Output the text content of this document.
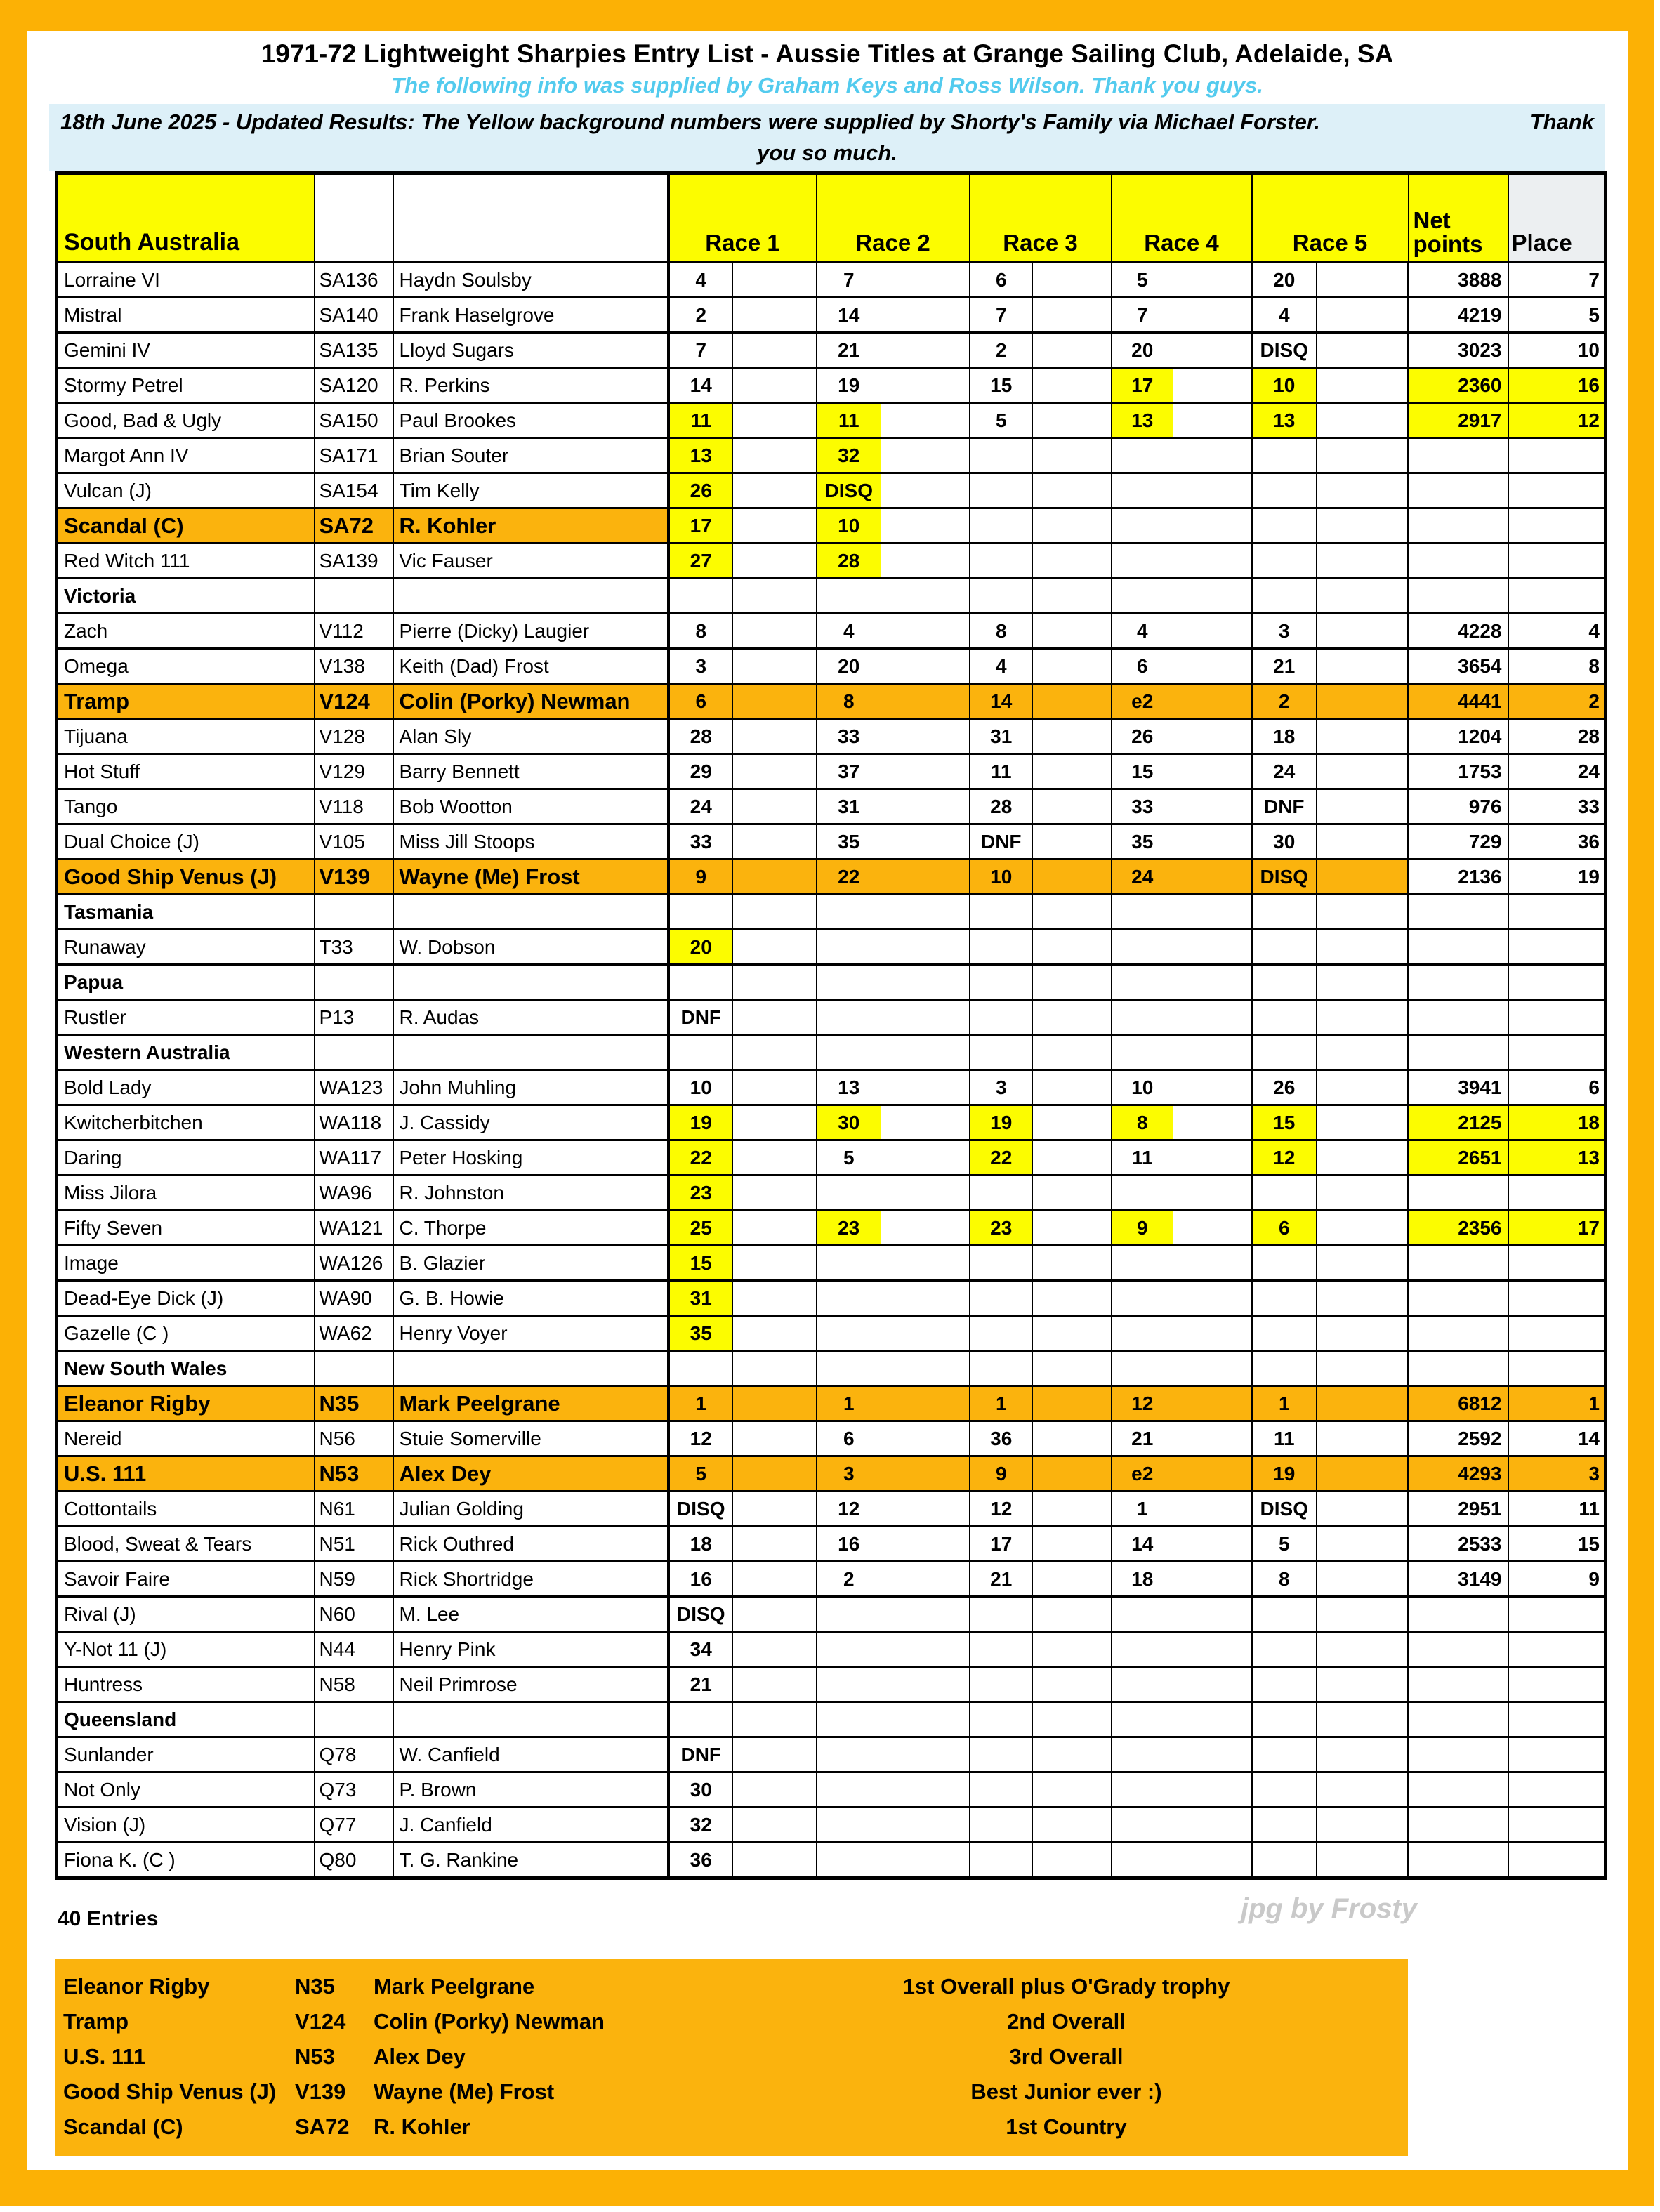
1971-72 Lightweight Sharpies Entry List - Aussie Titles at Grange Sailing Club, Adelaide, SA
The following info was supplied by Graham Keys and Ross Wilson. Thank you guys.
18th June 2025 - Updated Results: The Yellow background numbers were supplied by Shorty's Family via Michael Forster.	Thank
you so much.
South Australia			Race 1		Race 2		Race 3		Race 4		Race 5		Net points	Place
Lorraine VI	SA136	Haydn Soulsby	4		7		6		5		20		3888	7
Mistral	SA140	Frank Haselgrove	2		14		7		7		4		4219	5
Gemini IV	SA135	Lloyd Sugars	7		21		2		20		DISQ		3023	10
Stormy Petrel	SA120	R. Perkins	14		19		15		17		10		2360	16
Good, Bad & Ugly	SA150	Paul Brookes	11		11		5		13		13		2917	12
Margot Ann IV	SA171	Brian Souter	13		32									
Vulcan (J)	SA154	Tim Kelly	26		DISQ									
Scandal (C)	SA72	R. Kohler	17		10									
Red Witch 111	SA139	Vic Fauser	27		28									
Victoria														
Zach	V112	Pierre (Dicky) Laugier	8		4		8		4		3		4228	4
Omega	V138	Keith (Dad) Frost	3		20		4		6		21		3654	8
Tramp	V124	Colin (Porky) Newman	6		8		14		e2		2		4441	2
Tijuana	V128	Alan Sly	28		33		31		26		18		1204	28
Hot Stuff	V129	Barry Bennett	29		37		11		15		24		1753	24
Tango	V118	Bob Wootton	24		31		28		33		DNF		976	33
Dual Choice (J)	V105	Miss Jill Stoops	33		35		DNF		35		30		729	36
Good Ship Venus (J)	V139	Wayne (Me) Frost	9		22		10		24		DISQ		2136	19
Tasmania														
Runaway	T33	W. Dobson	20											
Papua														
Rustler	P13	R. Audas	DNF											
Western Australia														
Bold Lady	WA123	John Muhling	10		13		3		10		26		3941	6
Kwitcherbitchen	WA118	J. Cassidy	19		30		19		8		15		2125	18
Daring	WA117	Peter Hosking	22		5		22		11		12		2651	13
Miss Jilora	WA96	R. Johnston	23											
Fifty Seven	WA121	C. Thorpe	25		23		23		9		6		2356	17
Image	WA126	B. Glazier	15											
Dead-Eye Dick (J)	WA90	G. B. Howie	31											
Gazelle (C )	WA62	Henry Voyer	35											
New South Wales														
Eleanor Rigby	N35	Mark Peelgrane	1		1		1		12		1		6812	1
Nereid	N56	Stuie Somerville	12		6		36		21		11		2592	14
U.S. 111	N53	Alex Dey	5		3		9		e2		19		4293	3
Cottontails	N61	Julian Golding	DISQ		12		12		1		DISQ		2951	11
Blood, Sweat & Tears	N51	Rick Outhred	18		16		17		14		5		2533	15
Savoir Faire	N59	Rick Shortridge	16		2		21		18		8		3149	9
Rival (J)	N60	M. Lee	DISQ											
Y-Not 11 (J)	N44	Henry Pink	34											
Huntress	N58	Neil Primrose	21											
Queensland														
Sunlander	Q78	W. Canfield	DNF											
Not Only	Q73	P. Brown	30											
Vision (J)	Q77	J. Canfield	32											
Fiona K. (C )	Q80	T. G. Rankine	36											
40 Entries	jpg by Frosty
Eleanor Rigby	N35	Mark Peelgrane	1st Overall plus O'Grady trophy
Tramp	V124	Colin (Porky) Newman	2nd Overall
U.S. 111	N53	Alex Dey	3rd Overall
Good Ship Venus (J) V139	Wayne (Me) Frost	Best Junior ever :)
Scandal (C)	SA72	R. Kohler	1st Country
